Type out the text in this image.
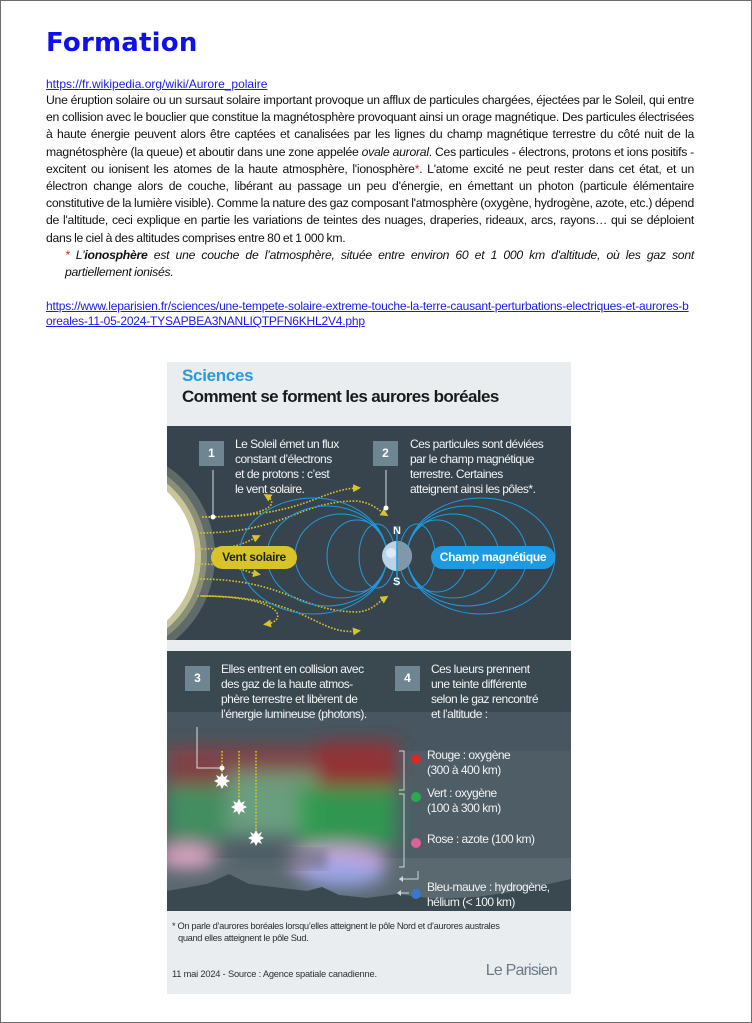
Formation
https://fr.wikipedia.org/wiki/Aurore_polaire

Une éruption solaire ou un sursaut solaire important provoque un afflux de particules chargées, éjectées par le Soleil, qui entre en collision avec le bouclier que constitue la magnétosphère provoquant ainsi un orage magnétique. Des particules électrisées à haute énergie peuvent alors être captées et canalisées par les lignes du champ magnétique terrestre du côté nuit de la magnétosphère (la queue) et aboutir dans une zone appelée ovale auroral. Ces particules - électrons, protons et ions positifs - excitent ou ionisent les atomes de la haute atmosphère, l'ionosphère*. L'atome excité ne peut rester dans cet état, et un électron change alors de couche, libérant au passage un peu d'énergie, en émettant un photon (particule élémentaire constitutive de la lumière visible). Comme la nature des gaz composant l'atmosphère (oxygène, hydrogène, azote, etc.) dépend de l'altitude, ceci explique en partie les variations de teintes des nuages, draperies, rideaux, arcs, rayons… qui se déploient dans le ciel à des altitudes comprises entre 80 et 1 000 km.

* L'ionosphère est une couche de l’atmosphère, située entre environ 60 et 1 000 km d'altitude, où les gaz sont partiellement ionisés.

https://www.leparisien.fr/sciences/une-tempete-solaire-extreme-touche-la-terre-causant-perturbations-electriques-et-aurores-boreales-11-05-2024-TYSAPBEA3NANLIQTPFN6KHL2V4.php
Sciences
Comment se forment les aurores boréales
N
S
1
Le Soleil émet un flux
constant d’électrons
et de protons : c’est
le vent solaire.
2
Ces particules sont déviées
par le champ magnétique
terrestre. Certaines
atteignent ainsi les pôles*.
Vent solaire	Champ magnétique
3
Elles entrent en collision avec
des gaz de la haute atmos-
phère terrestre et libèrent de
l’énergie lumineuse (photons).
4
Ces lueurs prennent
une teinte différente
selon le gaz rencontré
et l’altitude :
Rouge : oxygène
(300 à 400 km)
Vert : oxygène
(100 à 300 km)
Rose : azote (100 km)
Bleu-mauve : hydrogène,
hélium (< 100 km)
* On parle d’aurores boréales lorsqu’elles atteignent le pôle Nord et d’aurores australes
quand elles atteignent le pôle Sud.
11 mai 2024 - Source : Agence spatiale canadienne.	Le Parisien
